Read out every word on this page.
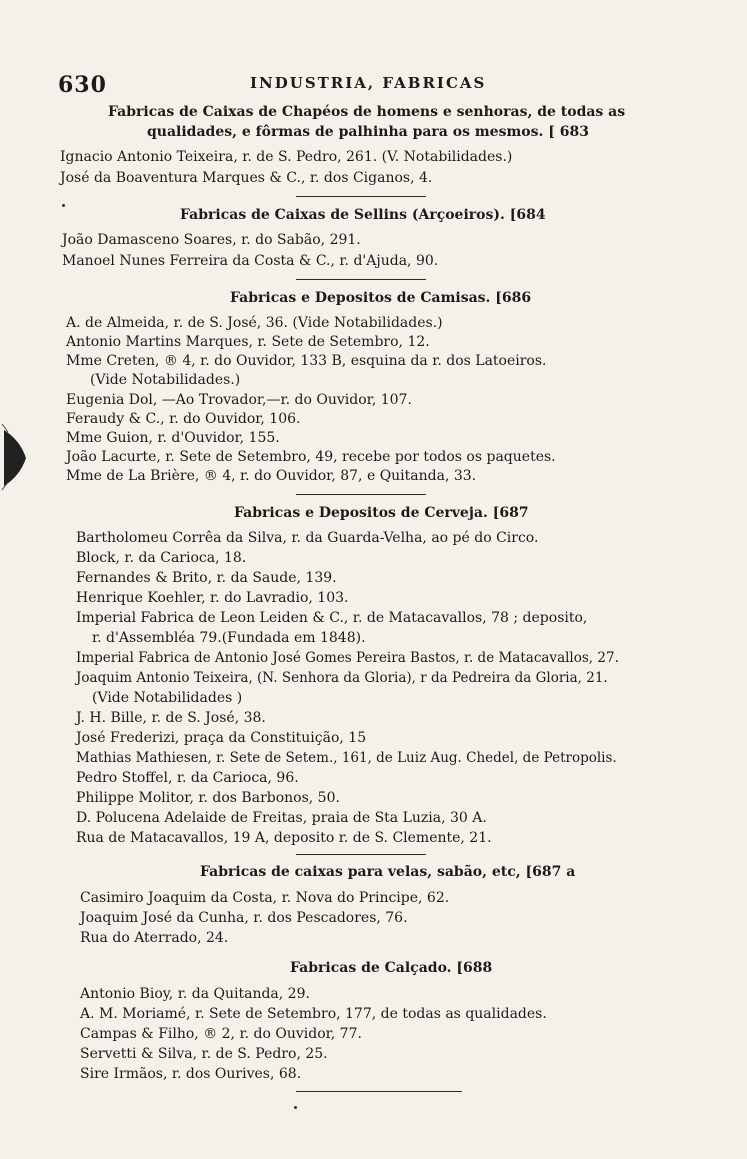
630	INDUSTRIA, FABRICAS
Fabricas de Caixas de Chapéos de homens e senhoras, de todas as
qualidades, e fôrmas de palhinha para os mesmos. [ 683
Ignacio Antonio Teixeira, r. de S. Pedro, 261. (V. Notabilidades.)
José da Boaventura Marques & C., r. dos Ciganos, 4.
Fabricas de Caixas de Sellins (Arçoeiros). [684
João Damasceno Soares, r. do Sabão, 291.
Manoel Nunes Ferreira da Costa & C., r. d'Ajuda, 90.
Fabricas e Depositos de Camisas. [686
A. de Almeida, r. de S. José, 36. (Vide Notabilidades.)
Antonio Martins Marques, r. Sete de Setembro, 12.
Mme Creten, ® 4, r. do Ouvidor, 133 B, esquina da r. dos Latoeiros.
(Vide Notabilidades.)
Eugenia Dol, —Ao Trovador,—r. do Ouvidor, 107.
Feraudy & C., r. do Ouvidor, 106.
Mme Guion, r. d'Ouvidor, 155.
João Lacurte, r. Sete de Setembro, 49, recebe por todos os paquetes.
Mme de La Brière, ® 4, r. do Ouvidor, 87, e Quitanda, 33.
Fabricas e Depositos de Cerveja. [687
Bartholomeu Corrêa da Silva, r. da Guarda-Velha, ao pé do Circo.
Block, r. da Carioca, 18.
Fernandes & Brito, r. da Saude, 139.
Henrique Koehler, r. do Lavradio, 103.
Imperial Fabrica de Leon Leiden & C., r. de Matacavallos, 78 ; deposito,
r. d'Assembléa 79.(Fundada em 1848).
Imperial Fabrica de Antonio José Gomes Pereira Bastos, r. de Matacavallos, 27.
Joaquim Antonio Teixeira, (N. Senhora da Gloria), r da Pedreira da Gloria, 21.
(Vide Notabilidades )
J. H. Bille, r. de S. José, 38.
José Frederizi, praça da Constituição, 15
Mathias Mathiesen, r. Sete de Setem., 161, de Luiz Aug. Chedel, de Petropolis.
Pedro Stoffel, r. da Carioca, 96.
Philippe Molitor, r. dos Barbonos, 50.
D. Polucena Adelaide de Freitas, praia de Sta Luzia, 30 A.
Rua de Matacavallos, 19 A, deposito r. de S. Clemente, 21.
Fabricas de caixas para velas, sabão, etc, [687 a
Casimiro Joaquim da Costa, r. Nova do Principe, 62.
Joaquim José da Cunha, r. dos Pescadores, 76.
Rua do Aterrado, 24.
Fabricas de Calçado. [688
Antonio Bioy, r. da Quitanda, 29.
A. M. Moriamé, r. Sete de Setembro, 177, de todas as qualidades.
Campas & Filho, ® 2, r. do Ouvidor, 77.
Servetti & Silva, r. de S. Pedro, 25.
Sire Irmãos, r. dos Ourives, 68.
